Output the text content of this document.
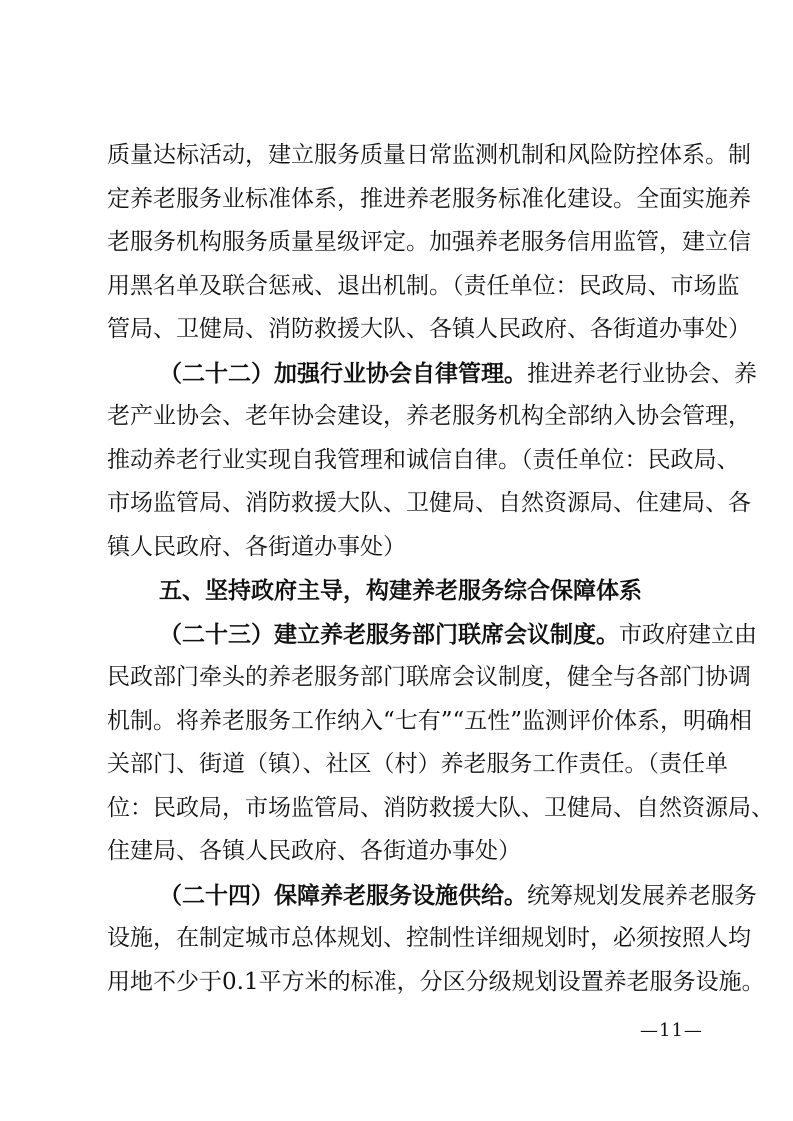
质量达标活动，建立服务质量日常监测机制和风险防控体系。制
定养老服务业标准体系，推进养老服务标准化建设。全面实施养
老服务机构服务质量星级评定。加强养老服务信用监管，建立信
用黑名单及联合惩戒、退出机制。（责任单位：民政局、市场监
管局、卫健局、消防救援大队、各镇人民政府、各街道办事处）
（二十二）加强行业协会自律管理。推进养老行业协会、养
老产业协会、老年协会建设，养老服务机构全部纳入协会管理，
推动养老行业实现自我管理和诚信自律。（责任单位：民政局、
市场监管局、消防救援大队、卫健局、自然资源局、住建局、各
镇人民政府、各街道办事处）
五、坚持政府主导，构建养老服务综合保障体系
（二十三）建立养老服务部门联席会议制度。市政府建立由
民政部门牵头的养老服务部门联席会议制度，健全与各部门协调
机制。将养老服务工作纳入“七有”“五性”监测评价体系，明确相
关部门、街道（镇）、社区（村）养老服务工作责任。（责任单
位：民政局，市场监管局、消防救援大队、卫健局、自然资源局、
住建局、各镇人民政府、各街道办事处）
（二十四）保障养老服务设施供给。统筹规划发展养老服务
设施，在制定城市总体规划、控制性详细规划时，必须按照人均
用地不少于0.1平方米的标准，分区分级规划设置养老服务设施。
—11—
